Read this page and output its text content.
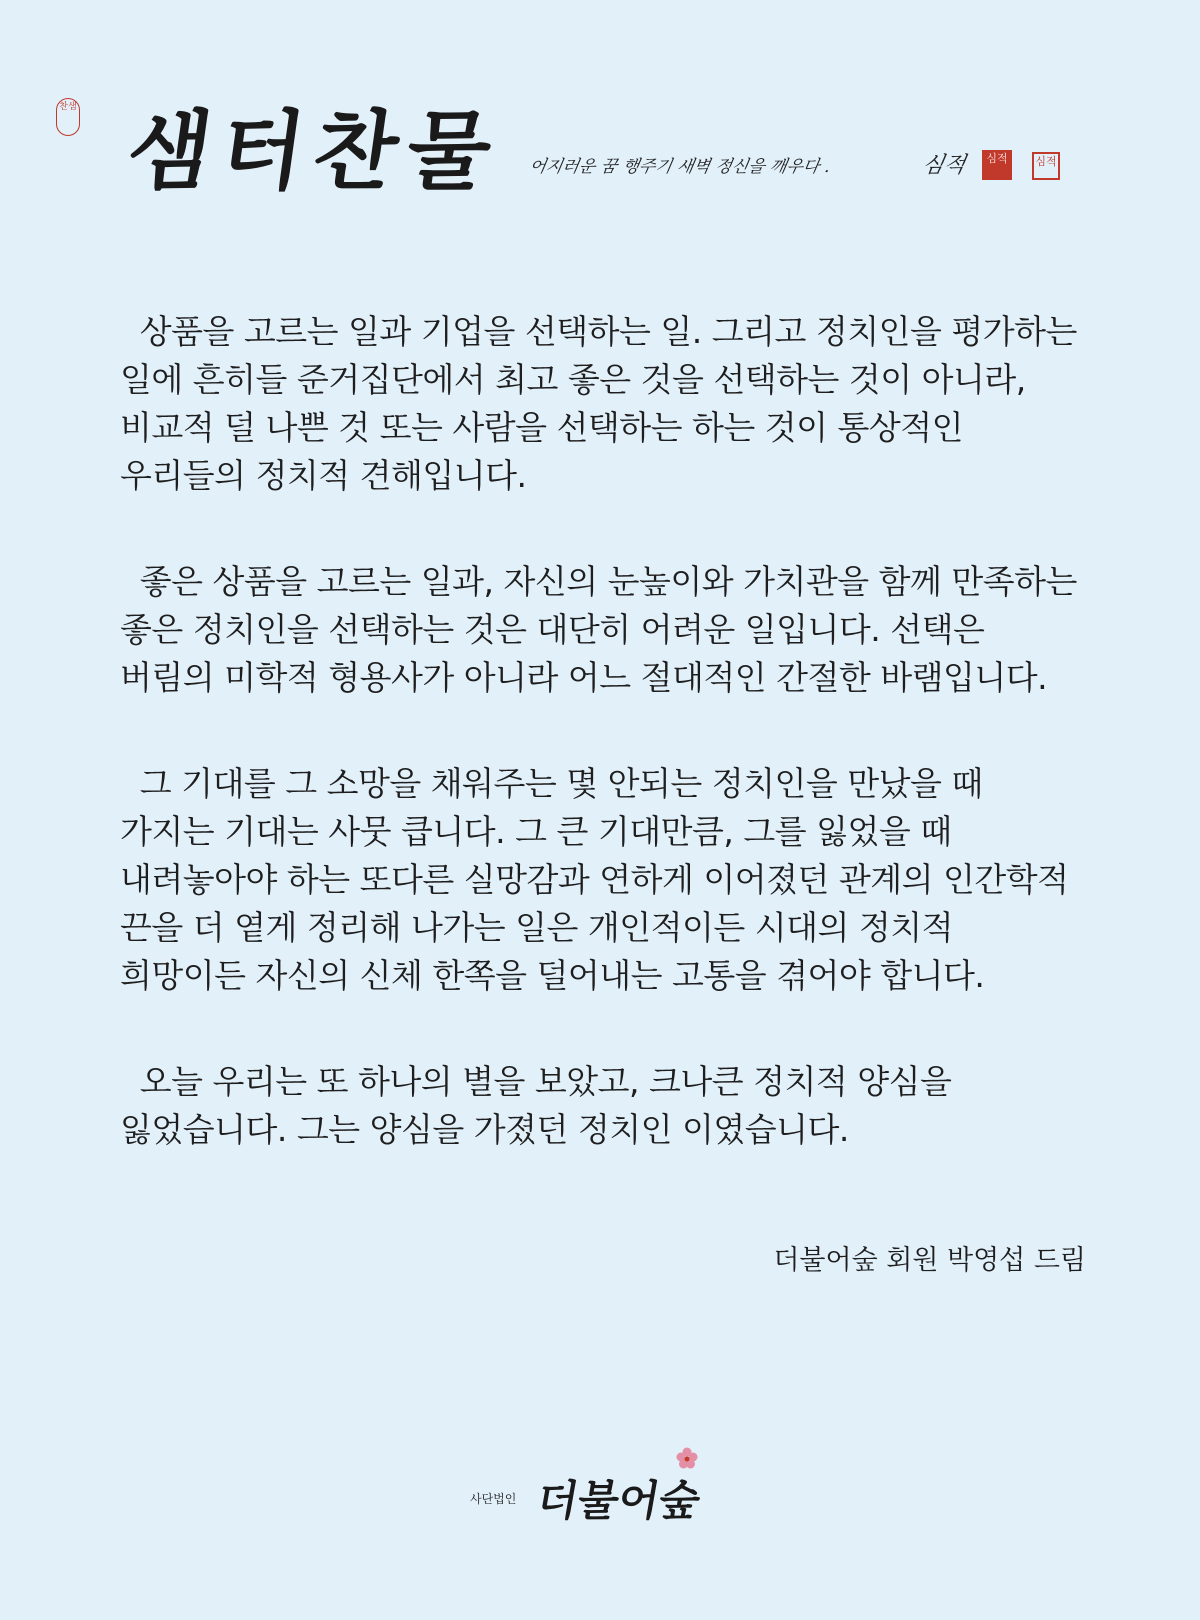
찬샘 샘터찬물 어지러운 꿈 행주기 새벽 정신을 깨우다 .	심적	심적	심적

상품을 고르는 일과 기업을 선택하는 일. 그리고 정치인을 평가하는 일에 흔히들 준거집단에서 최고 좋은 것을 선택하는 것이 아니라, 비교적 덜 나쁜 것 또는 사람을 선택하는 하는 것이 통상적인 우리들의 정치적 견해입니다.

좋은 상품을 고르는 일과, 자신의 눈높이와 가치관을 함께 만족하는 좋은 정치인을 선택하는 것은 대단히 어려운 일입니다. 선택은 버림의 미학적 형용사가 아니라 어느 절대적인 간절한 바램입니다.

그 기대를 그 소망을 채워주는 몇 안되는 정치인을 만났을 때 가지는 기대는 사뭇 큽니다. 그 큰 기대만큼, 그를 잃었을 때 내려놓아야 하는 또다른 실망감과 연하게 이어졌던 관계의 인간학적 끈을 더 옅게 정리해 나가는 일은 개인적이든 시대의 정치적 희망이든 자신의 신체 한쪽을 덜어내는 고통을 겪어야 합니다.

오늘 우리는 또 하나의 별을 보았고, 크나큰 정치적 양심을 잃었습니다. 그는 양심을 가졌던 정치인 이였습니다.

더불어숲 회원 박영섭 드림
사단법인 더불어숲
